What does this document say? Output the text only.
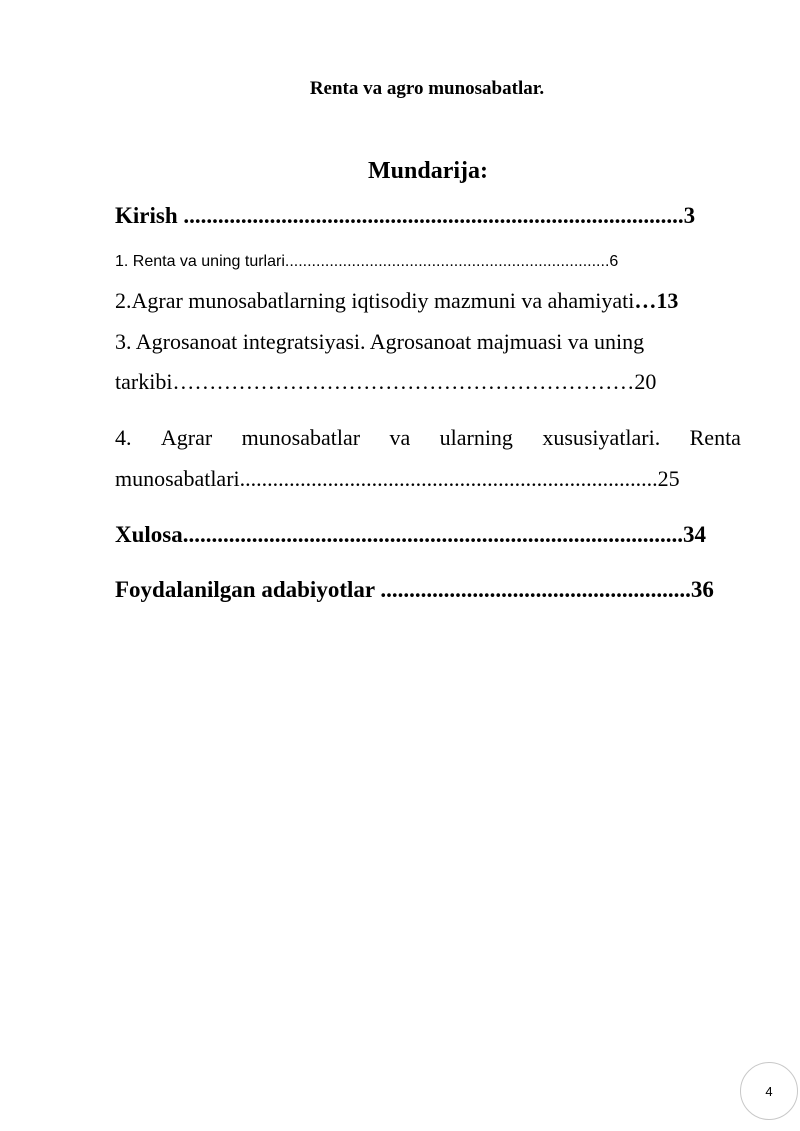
Renta va agro munosabatlar.
Mundarija:
Kirish .......................................................................................3
1. Renta va uning turlari.........................................................................6
2.Agrar munosabatlarning iqtisodiy mazmuni va ahamiyati…13
3. Agrosanoat integratsiyasi. Agrosanoat majmuasi va uning
tarkibi………………………………………………………20
4. Agrar munosabatlar va ularning xususiyatlari. Renta
munosabatlari............................................................................25
Xulosa.......................................................................................34
Foydalanilgan adabiyotlar ......................................................36
4
